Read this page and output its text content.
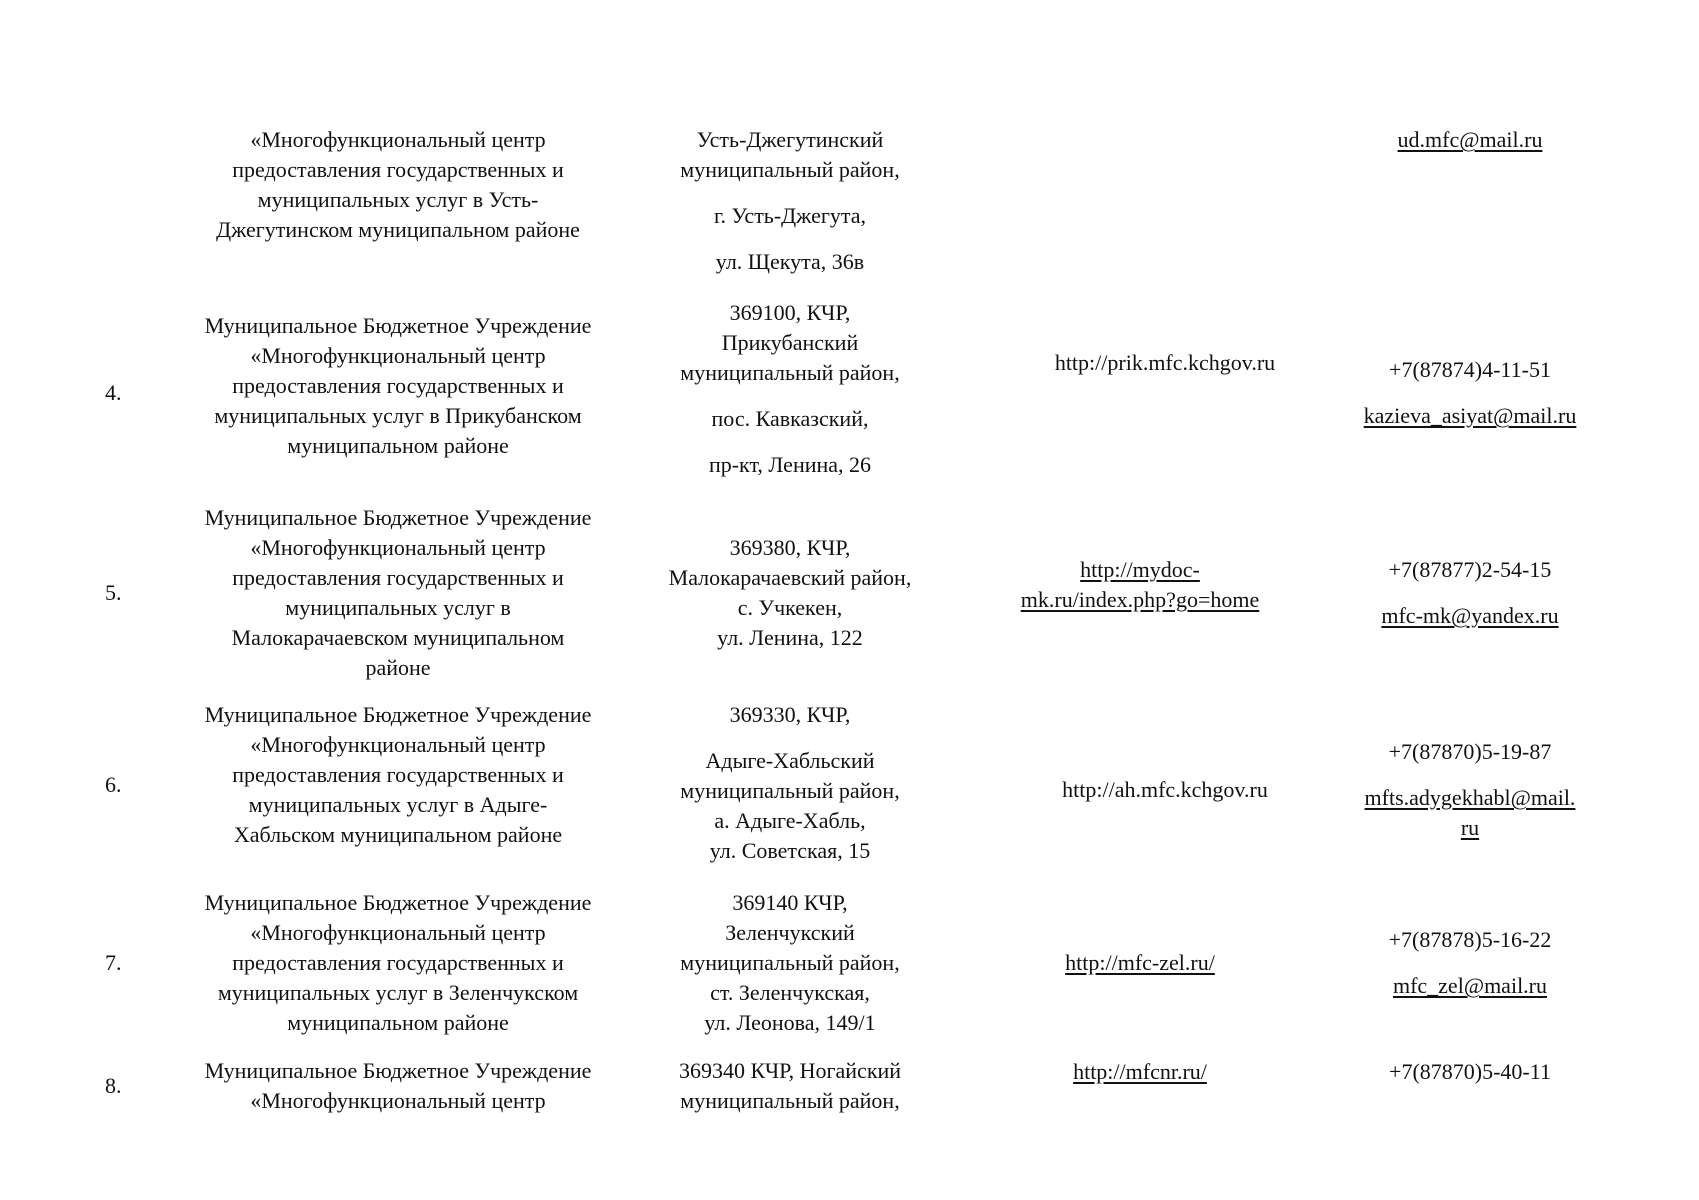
«Многофункциональный центр
предоставления государственных и
муниципальных услуг в Усть-
Джегутинском муниципальном районе
Усть-Джегутинский
муниципальный район,
г. Усть-Джегута,
ул. Щекута, 36в
ud.mfc@mail.ru
4.
Муниципальное Бюджетное Учреждение
«Многофункциональный центр
предоставления государственных и
муниципальных услуг в Прикубанском
муниципальном районе
369100, КЧР,
Прикубанский
муниципальный район,
пос. Кавказский,
пр-кт, Ленина, 26
http://prik.mfc.kchgov.ru	+7(87874)4-11-51
kazieva_asiyat@mail.ru
5.
Муниципальное Бюджетное Учреждение
«Многофункциональный центр
предоставления государственных и
муниципальных услуг в
Малокарачаевском муниципальном
районе
369380, КЧР,
Малокарачаевский район,
с. Учкекен,
ул. Ленина, 122
http://mydoc-
mk.ru/index.php?go=home
+7(87877)2-54-15
mfc-mk@yandex.ru
6.
Муниципальное Бюджетное Учреждение
«Многофункциональный центр
предоставления государственных и
муниципальных услуг в Адыге-
Хабльском муниципальном районе
369330, КЧР,
Адыге-Хабльский
муниципальный район,
а. Адыге-Хабль,
ул. Советская, 15
http://ah.mfc.kchgov.ru
+7(87870)5-19-87
mfts.adygekhabl@mail.
ru
7.
Муниципальное Бюджетное Учреждение
«Многофункциональный центр
предоставления государственных и
муниципальных услуг в Зеленчукском
муниципальном районе
369140 КЧР,
Зеленчукский
муниципальный район,
ст. Зеленчукская,
ул. Леонова, 149/1
http://mfc-zel.ru/
+7(87878)5-16-22
mfc_zel@mail.ru
8.
Муниципальное Бюджетное Учреждение
«Многофункциональный центр
369340 КЧР, Ногайский
муниципальный район,
http://mfcnr.ru/	+7(87870)5-40-11
